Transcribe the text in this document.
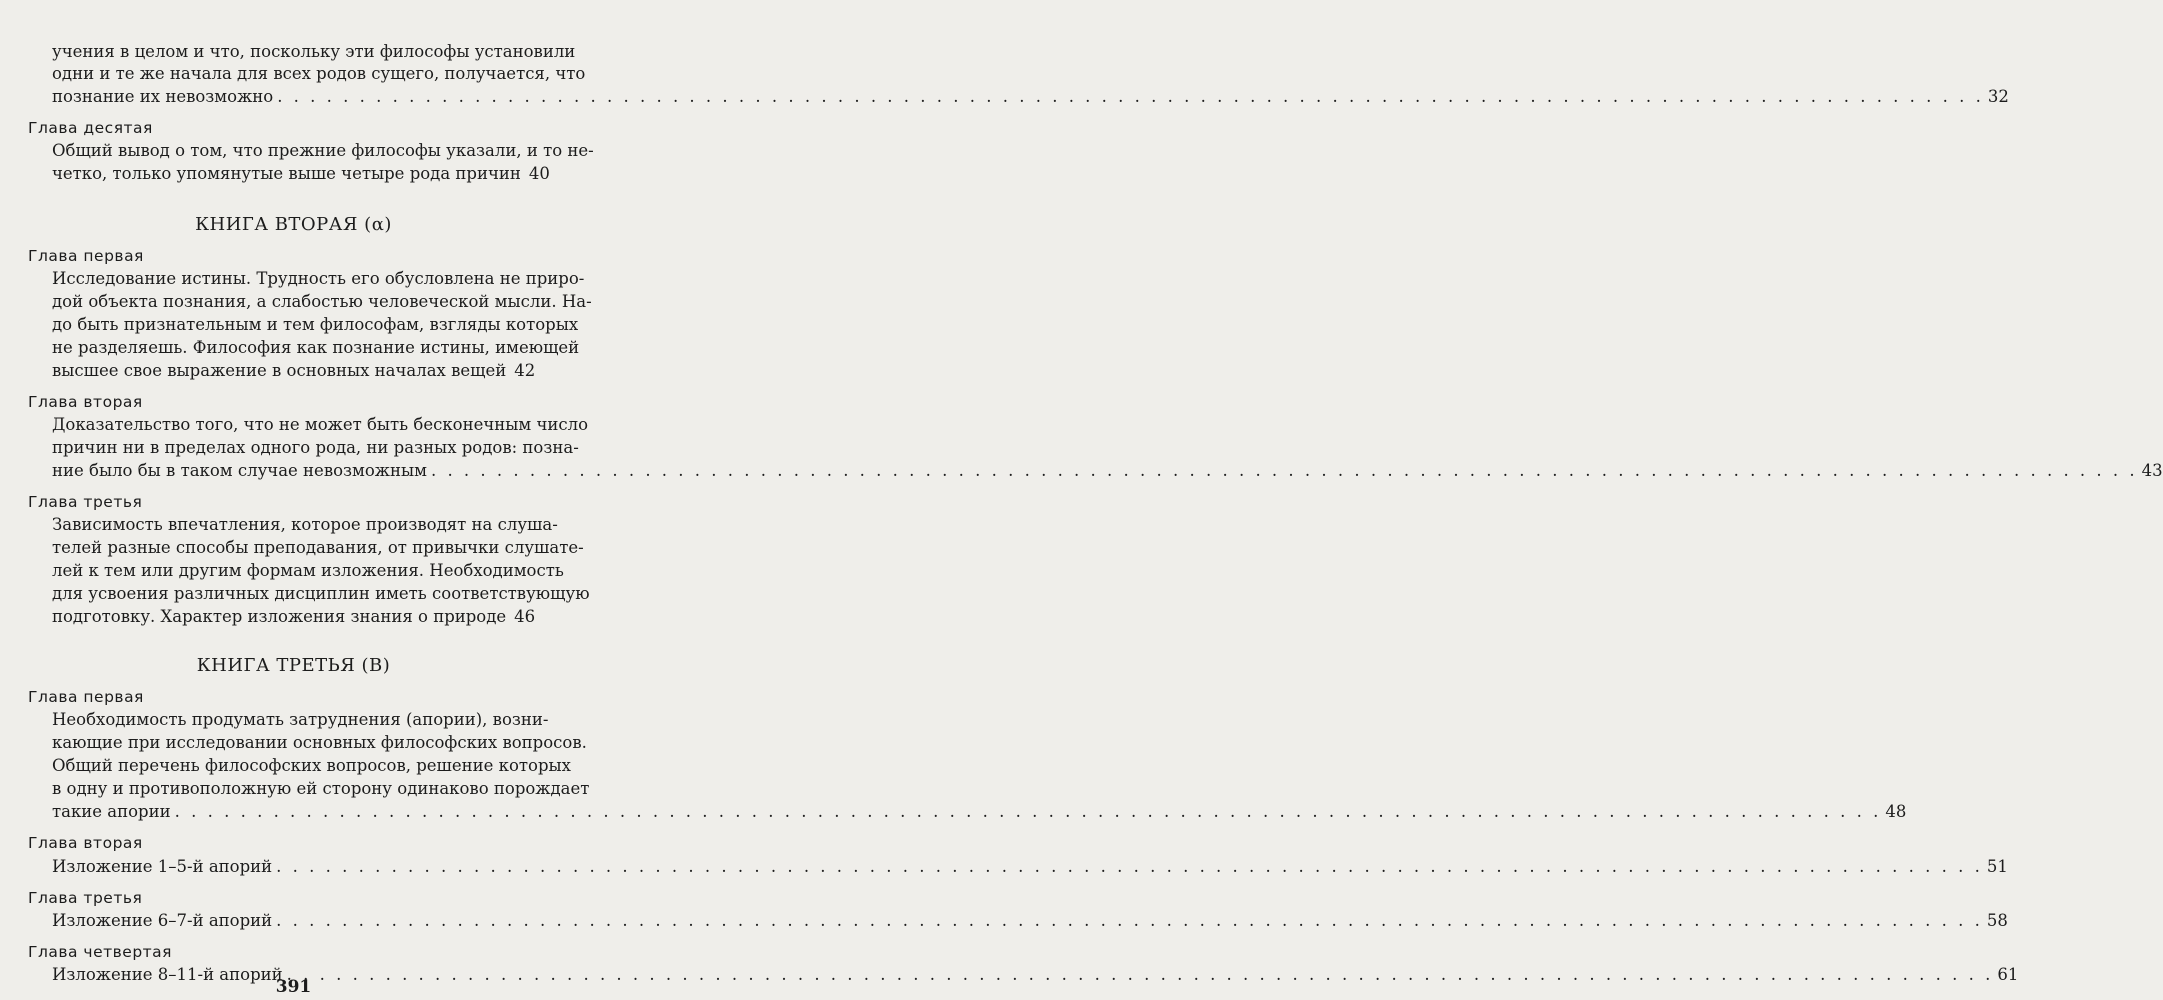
учения в целом и что, поскольку эти философы установили
одни и те же начала для всех родов сущего, получается, что
познание их невозможно . . .	32
Глава десятая
Общий вывод о том, что прежние философы указали, и то не-
четко, только упомянутые выше четыре рода причин 40
КНИГА ВТОРАЯ (α)
Глава первая
Исследование истины. Трудность его обусловлена не приро-
дой объекта познания, а слабостью человеческой мысли. На-
до быть признательным и тем философам, взгляды которых
не разделяешь. Философия как познание истины, имеющей
высшее свое выражение в основных началах вещей 42
Глава вторая
Доказательство того, что не может быть бесконечным число
причин ни в пределах одного рода, ни разных родов: позна-
ние было бы в таком случае невозможным . . .	43
Глава третья
Зависимость впечатления, которое производят на слуша-
телей разные способы преподавания, от привычки слушате-
лей к тем или другим формам изложения. Необходимость
для усвоения различных дисциплин иметь соответствующую
подготовку. Характер изложения знания о природе 46
КНИГА ТРЕТЬЯ (В)
Глава первая
Необходимость продумать затруднения (апории), возни-
кающие при исследовании основных философских вопросов.
Общий перечень философских вопросов, решение которых
в одну и противоположную ей сторону одинаково порождает
такие апории . . .	48
Глава вторая
Изложение 1–5-й апорий . . .	51
Глава третья
Изложение 6–7-й апорий . . .	58
Глава четвертая
Изложение 8–11-й апорий . . .	61
391
